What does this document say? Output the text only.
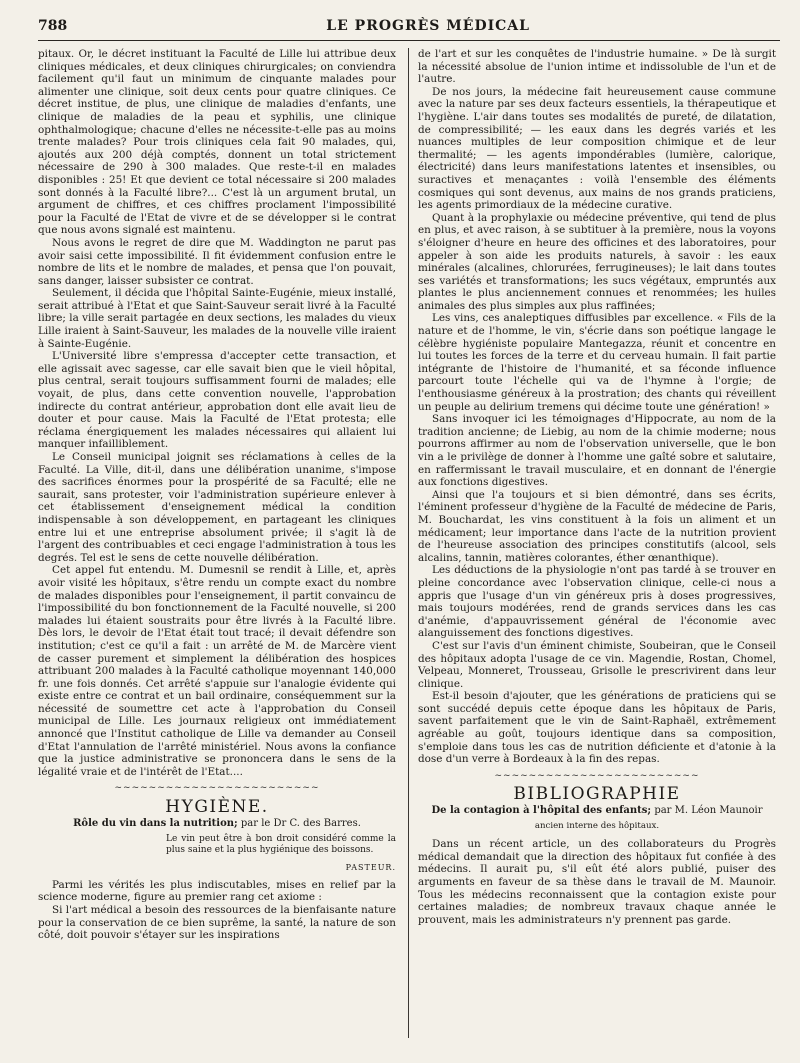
788	LE PROGRÈS MÉDICAL

pitaux. Or, le décret instituant la Faculté de Lille lui attribue deux cliniques médicales, et deux cliniques chirurgicales; on conviendra facilement qu'il faut un minimum de cinquante malades pour alimenter une clinique, soit deux cents pour quatre cliniques. Ce décret institue, de plus, une clinique de maladies d'enfants, une clinique de maladies de la peau et syphilis, une clinique ophthalmologique; chacune d'elles ne nécessite-t-elle pas au moins trente malades? Pour trois cliniques cela fait 90 malades, qui, ajoutés aux 200 déjà comptés, donnent un total strictement nécessaire de 290 à 300 malades. Que reste-t-il en malades disponibles : 25! Et que devient ce total nécessaire si 200 malades sont donnés à la Faculté libre?... C'est là un argument brutal, un argument de chiffres, et ces chiffres proclament l'impossibilité pour la Faculté de l'Etat de vivre et de se développer si le contrat que nous avons signalé est maintenu.

Nous avons le regret de dire que M. Waddington ne parut pas avoir saisi cette impossibilité. Il fit évidemment confusion entre le nombre de lits et le nombre de malades, et pensa que l'on pouvait, sans danger, laisser subsister ce contrat.

Seulement, il décida que l'hôpital Sainte-Eugénie, mieux installé, serait attribué à l'Etat et que Saint-Sauveur serait livré à la Faculté libre; la ville serait partagée en deux sections, les malades du vieux Lille iraient à Saint-Sauveur, les malades de la nouvelle ville iraient à Sainte-Eugénie.

L'Université libre s'empressa d'accepter cette transaction, et elle agissait avec sagesse, car elle savait bien que le vieil hôpital, plus central, serait toujours suffisamment fourni de malades; elle voyait, de plus, dans cette convention nouvelle, l'approbation indirecte du contrat antérieur, approbation dont elle avait lieu de douter et pour cause. Mais la Faculté de l'Etat protesta; elle réclama énergiquement les malades nécessaires qui allaient lui manquer infailliblement.

Le Conseil municipal joignit ses réclamations à celles de la Faculté. La Ville, dit-il, dans une délibération unanime, s'impose des sacrifices énormes pour la prospérité de sa Faculté; elle ne saurait, sans protester, voir l'administration supérieure enlever à cet établissement d'enseignement médical la condition indispensable à son développement, en partageant les cliniques entre lui et une entreprise absolument privée; il s'agit là de l'argent des contribuables et ceci engage l'administration à tous les degrés. Tel est le sens de cette nouvelle délibération.

Cet appel fut entendu. M. Dumesnil se rendit à Lille, et, après avoir visité les hôpitaux, s'être rendu un compte exact du nombre de malades disponibles pour l'enseignement, il partit convaincu de l'impossibilité du bon fonctionnement de la Faculté nouvelle, si 200 malades lui étaient soustraits pour être livrés à la Faculté libre. Dès lors, le devoir de l'Etat était tout tracé; il devait défendre son institution; c'est ce qu'il a fait : un arrêté de M. de Marcère vient de casser purement et simplement la délibération des hospices attribuant 200 malades à la Faculté catholique moyennant 140,000 fr. une fois donnés. Cet arrêté s'appuie sur l'analogie évidente qui existe entre ce contrat et un bail ordinaire, conséquemment sur la nécessité de soumettre cet acte à l'approbation du Conseil municipal de Lille. Les journaux religieux ont immédiatement annoncé que l'Institut catholique de Lille va demander au Conseil d'Etat l'annulation de l'arrêté ministériel. Nous avons la confiance que la justice administrative se prononcera dans le sens de la légalité vraie et de l'intérêt de l'Etat....

~~~~~~~~~~~~~~~~~~~~~~~~
HYGIÈNE.
Rôle du vin dans la nutrition; par le Dr C. des Barres.
Le vin peut être à bon droit considéré comme la plus saine et la plus hygiénique des boissons.
PASTEUR.

Parmi les vérités les plus indiscutables, mises en relief par la science moderne, figure au premier rang cet axiome :

Si l'art médical a besoin des ressources de la bienfaisante nature pour la conservation de ce bien suprême, la santé, la nature de son côté, doit pouvoir s'étayer sur les inspirations

de l'art et sur les conquêtes de l'industrie humaine. » De là surgit la nécessité absolue de l'union intime et indissoluble de l'un et de l'autre.

De nos jours, la médecine fait heureusement cause commune avec la nature par ses deux facteurs essentiels, la thérapeutique et l'hygiène. L'air dans toutes ses modalités de pureté, de dilatation, de compressibilité; — les eaux dans les degrés variés et les nuances multiples de leur composition chimique et de leur thermalité; — les agents impondérables (lumière, calorique, électricité) dans leurs manifestations latentes et insensibles, ou suractives et menaçantes : voilà l'ensemble des éléments cosmiques qui sont devenus, aux mains de nos grands praticiens, les agents primordiaux de la médecine curative.

Quant à la prophylaxie ou médecine préventive, qui tend de plus en plus, et avec raison, à se subtituer à la première, nous la voyons s'éloigner d'heure en heure des officines et des laboratoires, pour appeler à son aide les produits naturels, à savoir : les eaux minérales (alcalines, chlorurées, ferrugineuses); le lait dans toutes ses variétés et transformations; les sucs végétaux, empruntés aux plantes le plus anciennement connues et renommées; les huiles animales des plus simples aux plus raffinées;

Les vins, ces analeptiques diffusibles par excellence. « Fils de la nature et de l'homme, le vin, s'écrie dans son poétique langage le célèbre hygiéniste populaire Mantegazza, réunit et concentre en lui toutes les forces de la terre et du cerveau humain. Il fait partie intégrante de l'histoire de l'humanité, et sa féconde influence parcourt toute l'échelle qui va de l'hymne à l'orgie; de l'enthousiasme généreux à la prostration; des chants qui réveillent un peuple au delirium tremens qui décime toute une génération! »

Sans invoquer ici les témoignages d'Hippocrate, au nom de la tradition ancienne; de Liebig, au nom de la chimie moderne; nous pourrons affirmer au nom de l'observation universelle, que le bon vin a le privilège de donner à l'homme une gaîté sobre et salutaire, en raffermissant le travail musculaire, et en donnant de l'énergie aux fonctions digestives.

Ainsi que l'a toujours et si bien démontré, dans ses écrits, l'éminent professeur d'hygiène de la Faculté de médecine de Paris, M. Bouchardat, les vins constituent à la fois un aliment et un médicament; leur importance dans l'acte de la nutrition provient de l'heureuse association des principes constitutifs (alcool, sels alcalins, tannin, matières colorantes, éther œnanthique).

Les déductions de la physiologie n'ont pas tardé à se trouver en pleine concordance avec l'observation clinique, celle-ci nous a appris que l'usage d'un vin généreux pris à doses progressives, mais toujours modérées, rend de grands services dans les cas d'anémie, d'appauvrissement général de l'économie avec alanguissement des fonctions digestives.

C'est sur l'avis d'un éminent chimiste, Soubeiran, que le Conseil des hôpitaux adopta l'usage de ce vin. Magendie, Rostan, Chomel, Velpeau, Monneret, Trousseau, Grisolle le prescrivirent dans leur clinique.

Est-il besoin d'ajouter, que les générations de praticiens qui se sont succédé depuis cette époque dans les hôpitaux de Paris, savent parfaitement que le vin de Saint-Raphaël, extrêmement agréable au goût, toujours identique dans sa composition, s'emploie dans tous les cas de nutrition déficiente et d'atonie à la dose d'un verre à Bordeaux à la fin des repas.

~~~~~~~~~~~~~~~~~~~~~~~~
BIBLIOGRAPHIE
De la contagion à l'hôpital des enfants; par M. Léon Maunoir
ancien interne des hôpitaux.

Dans un récent article, un des collaborateurs du Progrès médical demandait que la direction des hôpitaux fut confiée à des médecins. Il aurait pu, s'il eût été alors publié, puiser des arguments en faveur de sa thèse dans le travail de M. Maunoir. Tous les médecins reconnaissent que la contagion existe pour certaines maladies; de nombreux travaux chaque année le prouvent, mais les administrateurs n'y prennent pas garde.
